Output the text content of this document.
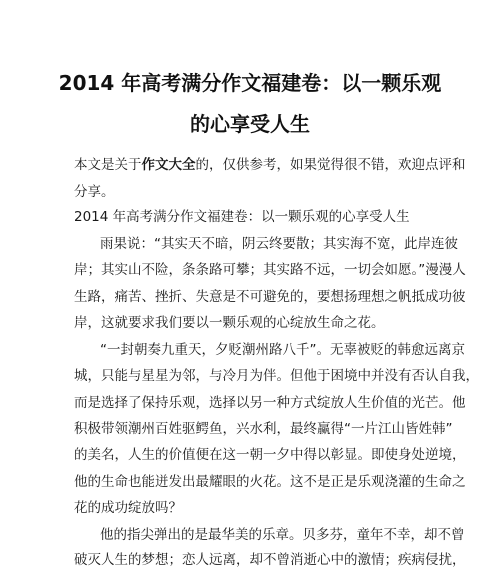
2014 年高考满分作文福建卷：以一颗乐观
的心享受人生
本文是关于作文大全的，仅供参考，如果觉得很不错，欢迎点评和
分享。
2014 年高考满分作文福建卷：以一颗乐观的心享受人生
雨果说：“其实天不暗，阴云终要散；其实海不宽，此岸连彼
岸；其实山不险，条条路可攀；其实路不远，一切会如愿。”漫漫人
生路，痛苦、挫折、失意是不可避免的，要想扬理想之帆抵成功彼
岸，这就要求我们要以一颗乐观的心绽放生命之花。
“一封朝奏九重天，夕贬潮州路八千”。无辜被贬的韩愈远离京
城，只能与星星为邻，与冷月为伴。但他于困境中并没有否认自我，
而是选择了保持乐观，选择以另一种方式绽放人生价值的光芒。他
积极带领潮州百姓驱鳄鱼，兴水利，最终赢得“一片江山皆姓韩”
的美名，人生的价值便在这一朝一夕中得以彰显。即使身处逆境，
他的生命也能迸发出最耀眼的火花。这不是正是乐观浇灌的生命之
花的成功绽放吗？
他的指尖弹出的是最华美的乐章。贝多芬，童年不幸，却不曾
破灭人生的梦想；恋人远离，却不曾消逝心中的激情；疾病侵扰，
